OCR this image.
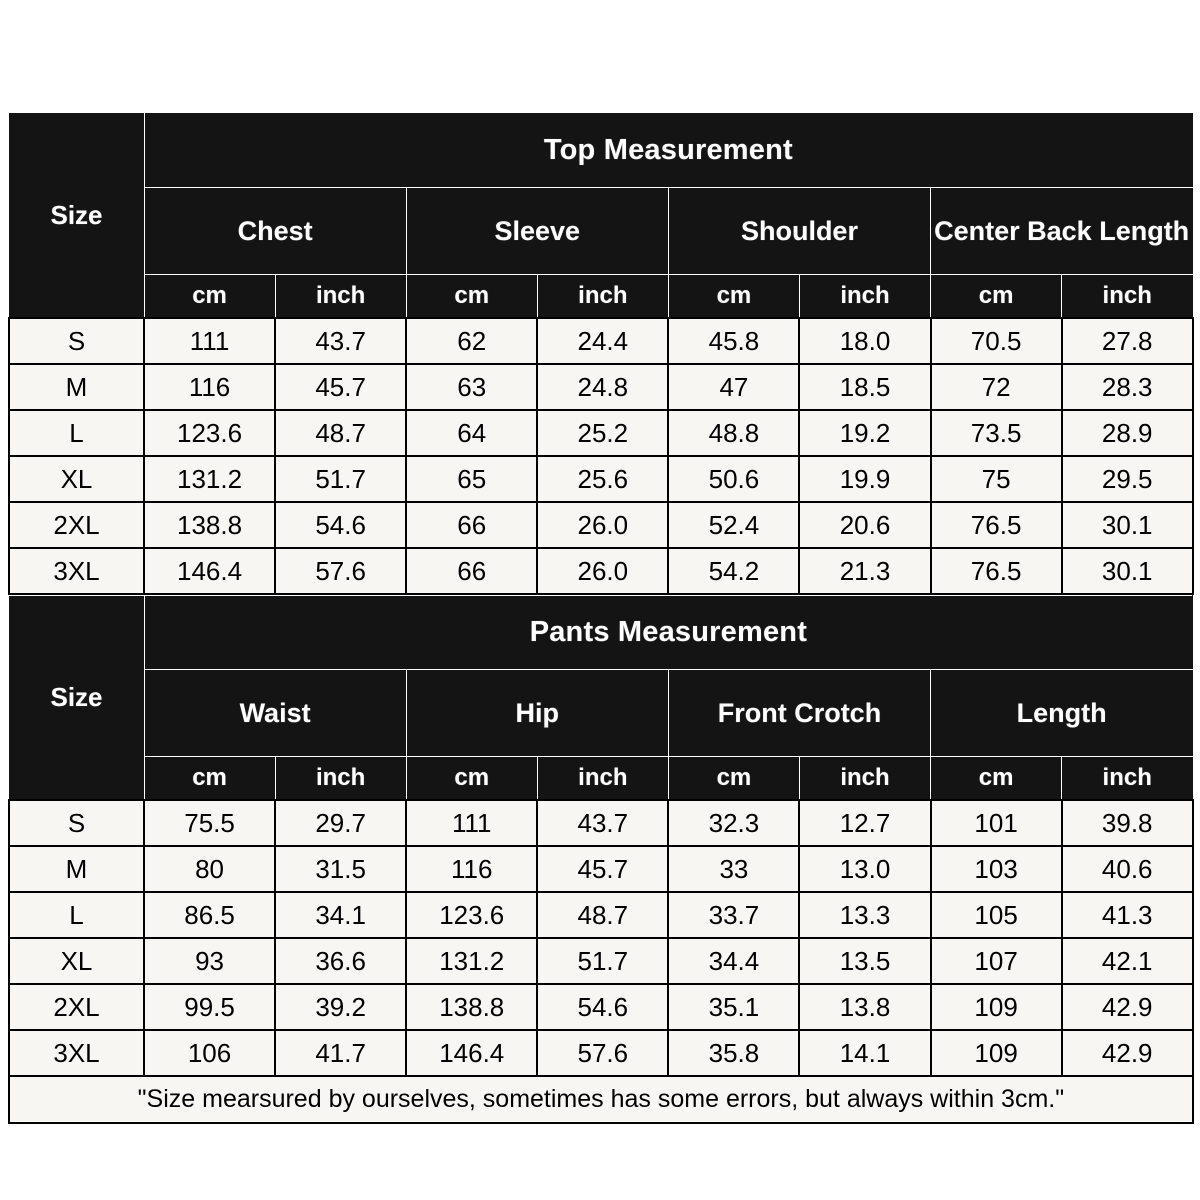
Size	Top Measurement							
	Chest		Sleeve		Shoulder		Center Back Length	
	cm	inch	cm	inch	cm	inch	cm	inch
S	111	43.7	62	24.4	45.8	18.0	70.5	27.8
M	116	45.7	63	24.8	47	18.5	72	28.3
L	123.6	48.7	64	25.2	48.8	19.2	73.5	28.9
XL	131.2	51.7	65	25.6	50.6	19.9	75	29.5
2XL	138.8	54.6	66	26.0	52.4	20.6	76.5	30.1
3XL	146.4	57.6	66	26.0	54.2	21.3	76.5	30.1
Size	Pants Measurement							
	Waist		Hip		Front Crotch		Length	
	cm	inch	cm	inch	cm	inch	cm	inch
S	75.5	29.7	111	43.7	32.3	12.7	101	39.8
M	80	31.5	116	45.7	33	13.0	103	40.6
L	86.5	34.1	123.6	48.7	33.7	13.3	105	41.3
XL	93	36.6	131.2	51.7	34.4	13.5	107	42.1
2XL	99.5	39.2	138.8	54.6	35.1	13.8	109	42.9
3XL	106	41.7	146.4	57.6	35.8	14.1	109	42.9
"Size mearsured by ourselves, sometimes has some errors, but always within 3cm."								
